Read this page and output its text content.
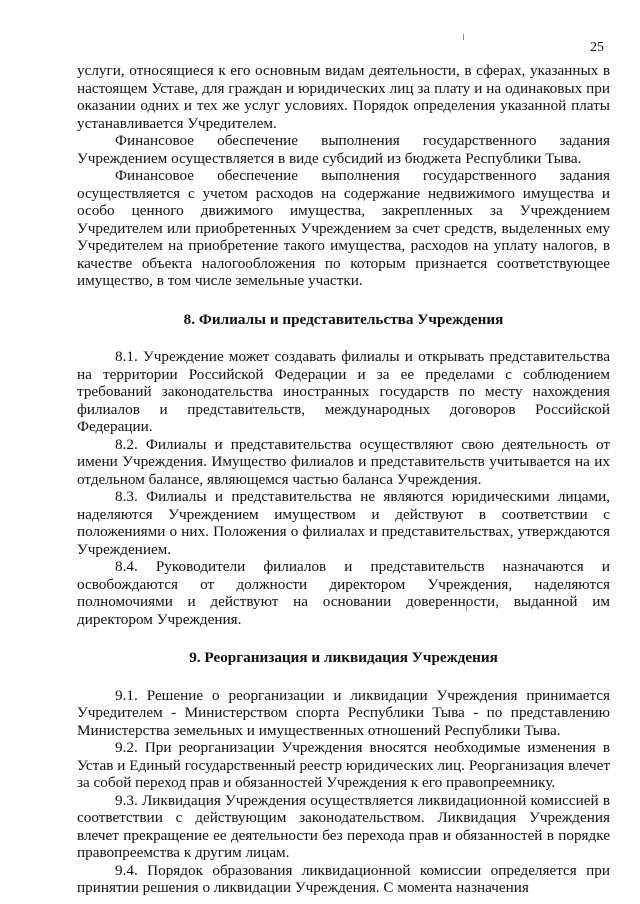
25

услуги, относящиеся к его основным видам деятельности, в сферах, указанных в настоящем Уставе, для граждан и юридических лиц за плату и на одинаковых при оказании одних и тех же услуг условиях. Порядок определения указанной платы устанавливается Учредителем.

Финансовое обеспечение выполнения государственного задания Учреждением осуществляется в виде субсидий из бюджета Республики Тыва.

Финансовое обеспечение выполнения государственного задания осуществляется с учетом расходов на содержание недвижимого имущества и особо ценного движимого имущества, закрепленных за Учреждением Учредителем или приобретенных Учреждением за счет средств, выделенных ему Учредителем на приобретение такого имущества, расходов на уплату налогов, в качестве объекта налогообложения по которым признается соответствующее имущество, в том числе земельные участки.

8. Филиалы и представительства Учреждения

8.1. Учреждение может создавать филиалы и открывать представительства на территории Российской Федерации и за ее пределами с соблюдением требований законодательства иностранных государств по месту нахождения филиалов и представительств, международных договоров Российской Федерации.

8.2. Филиалы и представительства осуществляют свою деятельность от имени Учреждения. Имущество филиалов и представительств учитывается на их отдельном балансе, являющемся частью баланса Учреждения.

8.3. Филиалы и представительства не являются юридическими лицами, наделяются Учреждением имуществом и действуют в соответствии с положениями о них. Положения о филиалах и представительствах, утверждаются Учреждением.

8.4. Руководители филиалов и представительств назначаются и освобождаются от должности директором Учреждения, наделяются полномочиями и действуют на основании доверенности, выданной им директором Учреждения.

9. Реорганизация и ликвидация Учреждения

9.1. Решение о реорганизации и ликвидации Учреждения принимается Учредителем - Министерством спорта Республики Тыва - по представлению Министерства земельных и имущественных отношений Республики Тыва.

9.2. При реорганизации Учреждения вносятся необходимые изменения в Устав и Единый государственный реестр юридических лиц. Реорганизация влечет за собой переход прав и обязанностей Учреждения к его правопреемнику.

9.3. Ликвидация Учреждения осуществляется ликвидационной комиссией в соответствии с действующим законодательством. Ликвидация Учреждения влечет прекращение ее деятельности без перехода прав и обязанностей в порядке правопреемства к другим лицам.

9.4. Порядок образования ликвидационной комиссии определяется при принятии решения о ликвидации Учреждения. С момента назначения
